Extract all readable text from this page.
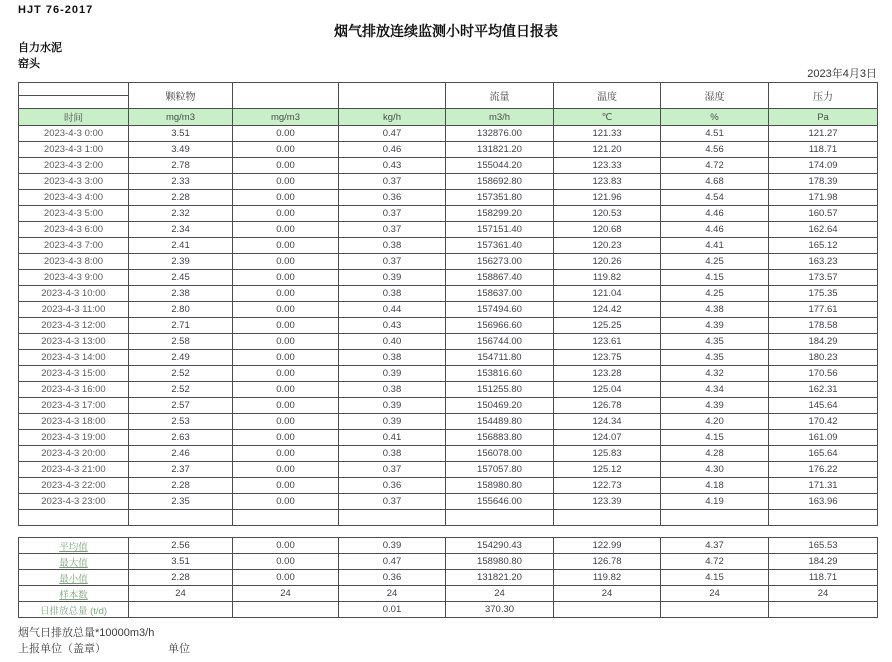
HJT 76-2017
烟气排放连续监测小时平均值日报表
自力水泥
窑头
2023年4月3日
	颗粒物			流量	温度	湿度	压力

时间	mg/m3	mg/m3	kg/h	m3/h	℃	%	Pa
2023-4-3 0:00	3.51	0.00	0.47	132876.00	121.33	4.51	121.27
2023-4-3 1:00	3.49	0.00	0.46	131821.20	121.20	4.56	118.71
2023-4-3 2:00	2.78	0.00	0.43	155044.20	123.33	4.72	174.09
2023-4-3 3:00	2.33	0.00	0.37	158692.80	123.83	4.68	178.39
2023-4-3 4:00	2.28	0.00	0.36	157351.80	121.96	4.54	171.98
2023-4-3 5:00	2.32	0.00	0.37	158299.20	120.53	4.46	160.57
2023-4-3 6:00	2.34	0.00	0.37	157151.40	120.68	4.46	162.64
2023-4-3 7:00	2.41	0.00	0.38	157361.40	120.23	4.41	165.12
2023-4-3 8:00	2.39	0.00	0.37	156273.00	120.26	4.25	163.23
2023-4-3 9:00	2.45	0.00	0.39	158867.40	119.82	4.15	173.57
2023-4-3 10:00	2.38	0.00	0.38	158637.00	121.04	4.25	175.35
2023-4-3 11:00	2.80	0.00	0.44	157494.60	124.42	4.38	177.61
2023-4-3 12:00	2.71	0.00	0.43	156966.60	125.25	4.39	178.58
2023-4-3 13:00	2.58	0.00	0.40	156744.00	123.61	4.35	184.29
2023-4-3 14:00	2.49	0.00	0.38	154711.80	123.75	4.35	180.23
2023-4-3 15:00	2.52	0.00	0.39	153816.60	123.28	4.32	170.56
2023-4-3 16:00	2.52	0.00	0.38	151255.80	125.04	4.34	162.31
2023-4-3 17:00	2.57	0.00	0.39	150469.20	126.78	4.39	145.64
2023-4-3 18:00	2.53	0.00	0.39	154489.80	124.34	4.20	170.42
2023-4-3 19:00	2.63	0.00	0.41	156883.80	124.07	4.15	161.09
2023-4-3 20:00	2.46	0.00	0.38	156078.00	125.83	4.28	165.64
2023-4-3 21:00	2.37	0.00	0.37	157057.80	125.12	4.30	176.22
2023-4-3 22:00	2.28	0.00	0.36	158980.80	122.73	4.18	171.31
2023-4-3 23:00	2.35	0.00	0.37	155646.00	123.39	4.19	163.96

平均值	2.56	0.00	0.39	154290.43	122.99	4.37	165.53
最大值	3.51	0.00	0.47	158980.80	126.78	4.72	184.29
最小值	2.28	0.00	0.36	131821.20	119.82	4.15	118.71
样本数	24	24	24	24	24	24	24
日排放总量 (t/d)			0.01	370.30			
烟气日排放总量*10000m3/h
上报单位（盖章）	单位
